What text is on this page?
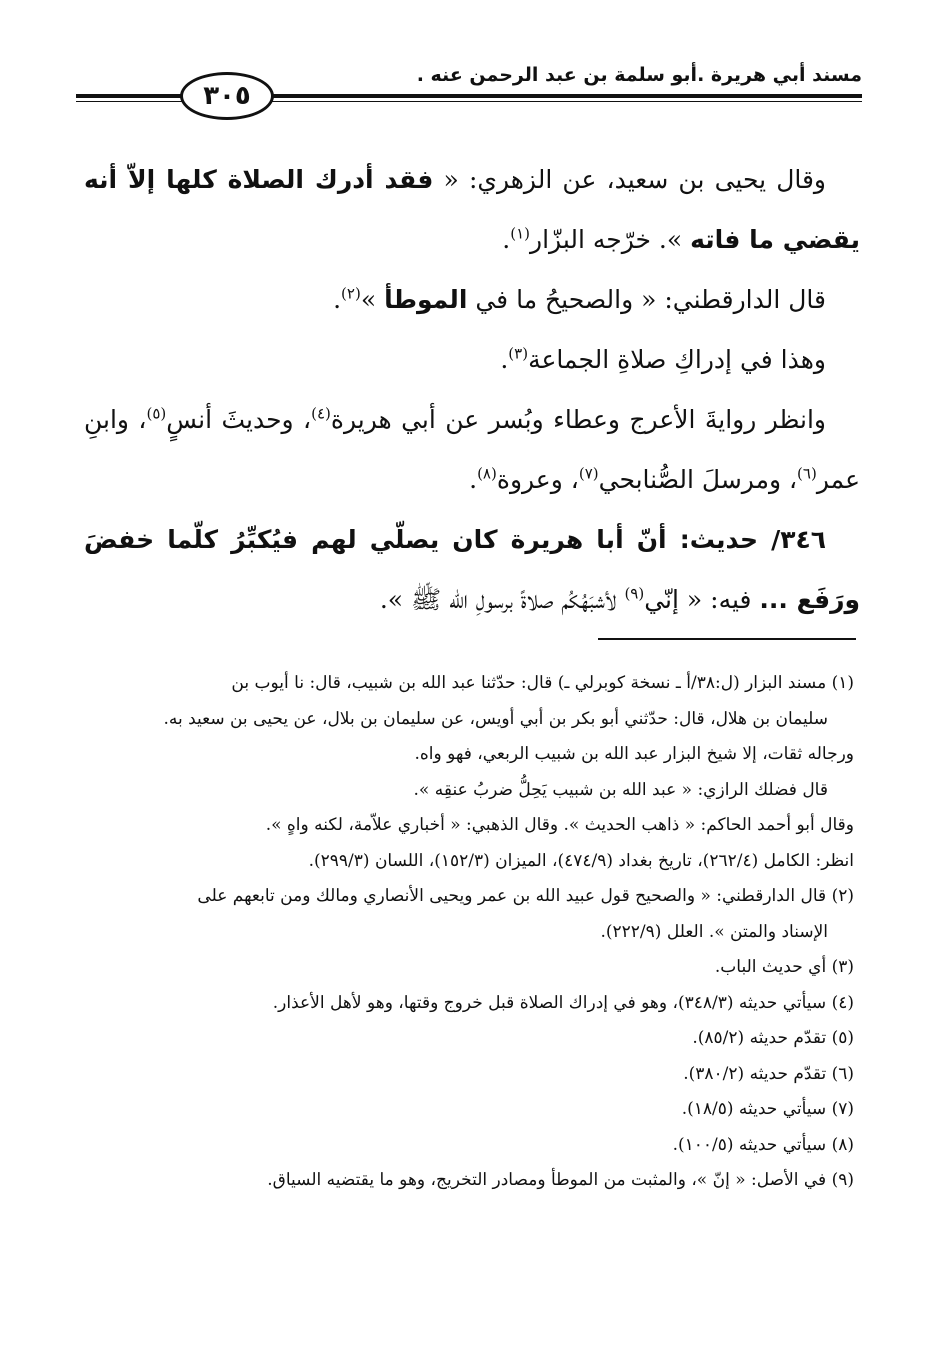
مسند أبي هريرة .أبو سلمة بن عبد الرحمن عنه .
٣٠٥

وقال يحيى بن سعيد، عن الزهري: « فقد أدرك الصلاة كلها إلاّ أنه يقضي ما فاته ». خرّجه البزّار$^{(١)}$.

قال الدارقطني: « والصحيحُ ما في الموطأ »$^{(٢)}$.

وهذا في إدراكِ صلاةِ الجماعة$^{(٣)}$.

وانظر روايةَ الأعرج وعطاء وبُسر عن أبي هريرة$^{(٤)}$، وحديثَ أنسٍ$^{(٥)}$، وابنِ عمر$^{(٦)}$، ومرسلَ الصُّنابحي$^{(٧)}$، وعروة$^{(٨)}$.

٣٤٦/ حديث: أنّ أبا هريرة كان يصلّي لهم فيُكبِّرُ كلّما خفضَ ورَفَع ... فيه: « إنّي$^{(٩)}$ لأشبَهُكُم صلاةً برسولِ الله ﷺ ».

(١) مسند البزار (ل:٣٨/أ ـ نسخة كوبرلي ـ) قال: حدّثنا عبد الله بن شبيب، قال: نا أيوب بن

سليمان بن هلال، قال: حدّثني أبو بكر بن أبي أويس، عن سليمان بن بلال، عن يحيى بن سعيد به.

ورجاله ثقات، إلا شيخ البزار عبد الله بن شبيب الربعي، فهو واه.

قال فضلك الرازي: « عبد الله بن شبيب يَحِلُّ ضربُ عنقِه ».

وقال أبو أحمد الحاكم: « ذاهب الحديث ». وقال الذهبي: « أخباري علاّمة، لكنه واهٍ ».

انظر: الكامل (٢٦٢/٤)، تاريخ بغداد (٤٧٤/٩)، الميزان (١٥٢/٣)، اللسان (٢٩٩/٣).

(٢) قال الدارقطني: « والصحيح قول عبيد الله بن عمر ويحيى الأنصاري ومالك ومن تابعهم على

الإسناد والمتن ». العلل (٢٢٢/٩).

(٣) أي حديث الباب.

(٤) سيأتي حديثه (٣٤٨/٣)، وهو في إدراك الصلاة قبل خروج وقتها، وهو لأهل الأعذار.

(٥) تقدّم حديثه (٨٥/٢).

(٦) تقدّم حديثه (٣٨٠/٢).

(٧) سيأتي حديثه (١٨/٥).

(٨) سيأتي حديثه (١٠٠/٥).

(٩) في الأصل: « إنّ »، والمثبت من الموطأ ومصادر التخريج، وهو ما يقتضيه السياق.
